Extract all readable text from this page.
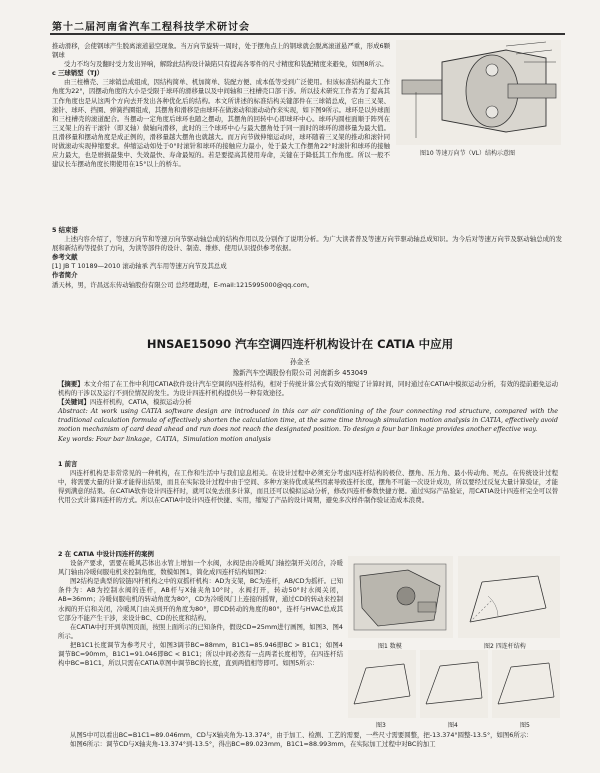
第十二届河南省汽车工程科技学术研讨会

推动滑移，会使钢球产生脱离滚道悬空现象。当万向节旋转一周时，处于摆角点上的钢球就会脱离滚道悬严重，形成6颗钢球

受力不均匀及翻时受力发出异响，解除此结构设计缺陷只有提高各零件的尺寸精度和装配精度来避免，如图8所示。

c 三球销型（TJ）

由三柱槽壳、三球销总成组成，因结构简单、机加简单、装配方便、成本低等受到广泛使用。但该标准结构最大工作角度为22°，因摆动角度的大小是受限于球环的滑移量以及中间轴和三柱槽壳口部干涉。所以技术研究工作者为了提高其工作角度也是从这两个方向去开发出各种优化后的结构。本文所讲述的标准结构关键部件在三球销总成，它由三叉架、滚针、球环、挡圈、弹簧挡圈组成，其摆角和滑移是由球环在做滚动和滚动动作来实现，如下图9所示。球环是以外球面和三柱槽壳的滚道配合。当摆动一定角度后球环也随之摆动，其摆角的回转中心即球环中心。球环内圆柱面顺于阵列在三叉架上的若干滚针（即叉轴）做轴向滑移，此时的三个球环中心与最大摆角处于同一面时的球环的滑移量为最大值。且滑移量和摆动角度是成正例的，滑移量越大摆角也就越大。而万向节做伸缩运动时，球环随着三叉架的推动和滚针同时做滚动实现伸缩要求。伸缩运动如处于0°时滚针和球环的接触应力最小，处于最大工作摆角22°时滚针和球环的接触应力最大，也是磨损最集中、失效最快、寿命最短的。若是要提高其使用寿命，关键在于降低其工作角度。所以一般不建议长车摆动角度长期使用在15°以上的桥车。

图10 等速万向节（VL）结构示意图

5 结束语

上述内容介绍了，等速万向节和等速万向节驱动轴总成的结构作用以及分别作了说明分析。为广大读者普及等速万向节驱动轴总成知识。为今后对等速万向节及驱动轴总成的发展和新结构等提供了方向，为读等部件的设计、制造、维修、使用认识提供参考依据。

参考文献

[1] JB T 10189—2010 滚动轴承 汽车用等速万向节及其总成

作者简介

潘天林，男，许昌远东传动轴股份有限公司 总经理助理，E-mail:1215995000@qq.com。

HNSAE15090 汽车空调四连杆机构设计在 CATIA 中应用
孙金圣
豫新汽车空调股份有限公司 河南新乡 453049

【摘要】本文介绍了在工作中利用CATIA软件设计汽车空调的四连杆结构，相对于传统计算公式有效的缩短了计算时间，同时通过在CATIA中模拟运动分析，有效的提前避免运动机构的干涉以及运行不到位情况的发生。为设计四连杆机构提供另一种有效途径。

【关键词】四连杆机构，CATIA，模拟运动分析

Abstract: At work using CATIA software design are introduced in this car air conditioning of the four connecting rod structure, compared with the traditional calculation formula of effectively shorten the calculation time, at the same time through simulation motion analysis in CATIA, effectively avoid motion mechanism of card dead ahead and run does not reach the designated position. To design a four bar linkage provides another effective way.

Key words: Four bar linkage，CATIA，Simulation motion analysis

1 前言

四连杆机构是非常常见的一种机构，在工作和生活中与我们息息相关。在设计过程中必须充分考虑四连杆结构的极位、摆角、压力角、最小传动角、死点。在传统设计过程中，将需要大量的计算才能得出结果，而且在实际设计过程中由于空间、多种方案待优或某些因素导致连杆长度，摆角不可能一次设计成功，所以要经过反复大量计算验证，才能得到满意的结果。在CATIA软件设计四连杆时，就可以免去很多计算，而且还可以模拟运动分析，修改四连杆参数快捷方便。通过实际产品验证，用CATIA设计四连杆完全可以替代用公式计算四连杆的方式。所以在CATIA中设计四连杆快捷、实用，缩短了产品的设计周期，避免多次样件制作验证造成本浪费。

2 在 CATIA 中设计四连杆的案例

设备产要求，需要在暖风芯体出水管上增加一个水阀，水阀是由冷暖风门轴控制开关闭合，冷暖风门轴由冷暖伺服电机来控制角度，数模如图1，简化成四连杆结构如图2：

图2结构是典型的铰链四杆机构之中的双摇杆机构：AD为支架，BC为连杆，AB/CD为摇杆。已知条件为：AB为控制水阀的连杆，AB杆与X轴夹角10°时，水阀打开，转动50°时水阀关闭，AB=36mm；冷暖伺服电机的转动角度为80°，CD为冷暖风门上连接的摇臂，通过CD的转动来控制水阀的开启和关闭，冷暖风门由关到开的角度为80°，即CD转动的角度的80°，连杆与HVAC总成其它部分不能产生干涉，来设计BC、CD的长度和结构。

在CATIA中打开到草图页面，按照上面所示的已知条件，假设CD=25mm进行画图，如图3、图4所示。

把B1C1长度调节为参考尺寸，如图3调节BC=88mm，B1C1=85.946即BC > B1C1；如图4调节BC=90mm，B1C1=91.046即BC < B1C1；所以中间必然有一点两者长度相等，在四连杆结构中BC=B1C1，所以只需在CATIA草图中调节BC的长度，直到两值相等即可。如图5所示：

图1 数模	图2 四连杆结构
图3	图4	图5

从图5中可以看出BC=B1C1=89.046mm，CD与X轴夹角为-13.374°，由于加工、检测、工艺的需要，一些尺寸需要圆整，把-13.374°圆整-13.5°，如图6所示：

如图6所示：调节CD与X轴夹角-13.374°到-13.5°，得出BC=89.023mm，B1C1=88.993mm，在实际加工过程中对BC的加工
